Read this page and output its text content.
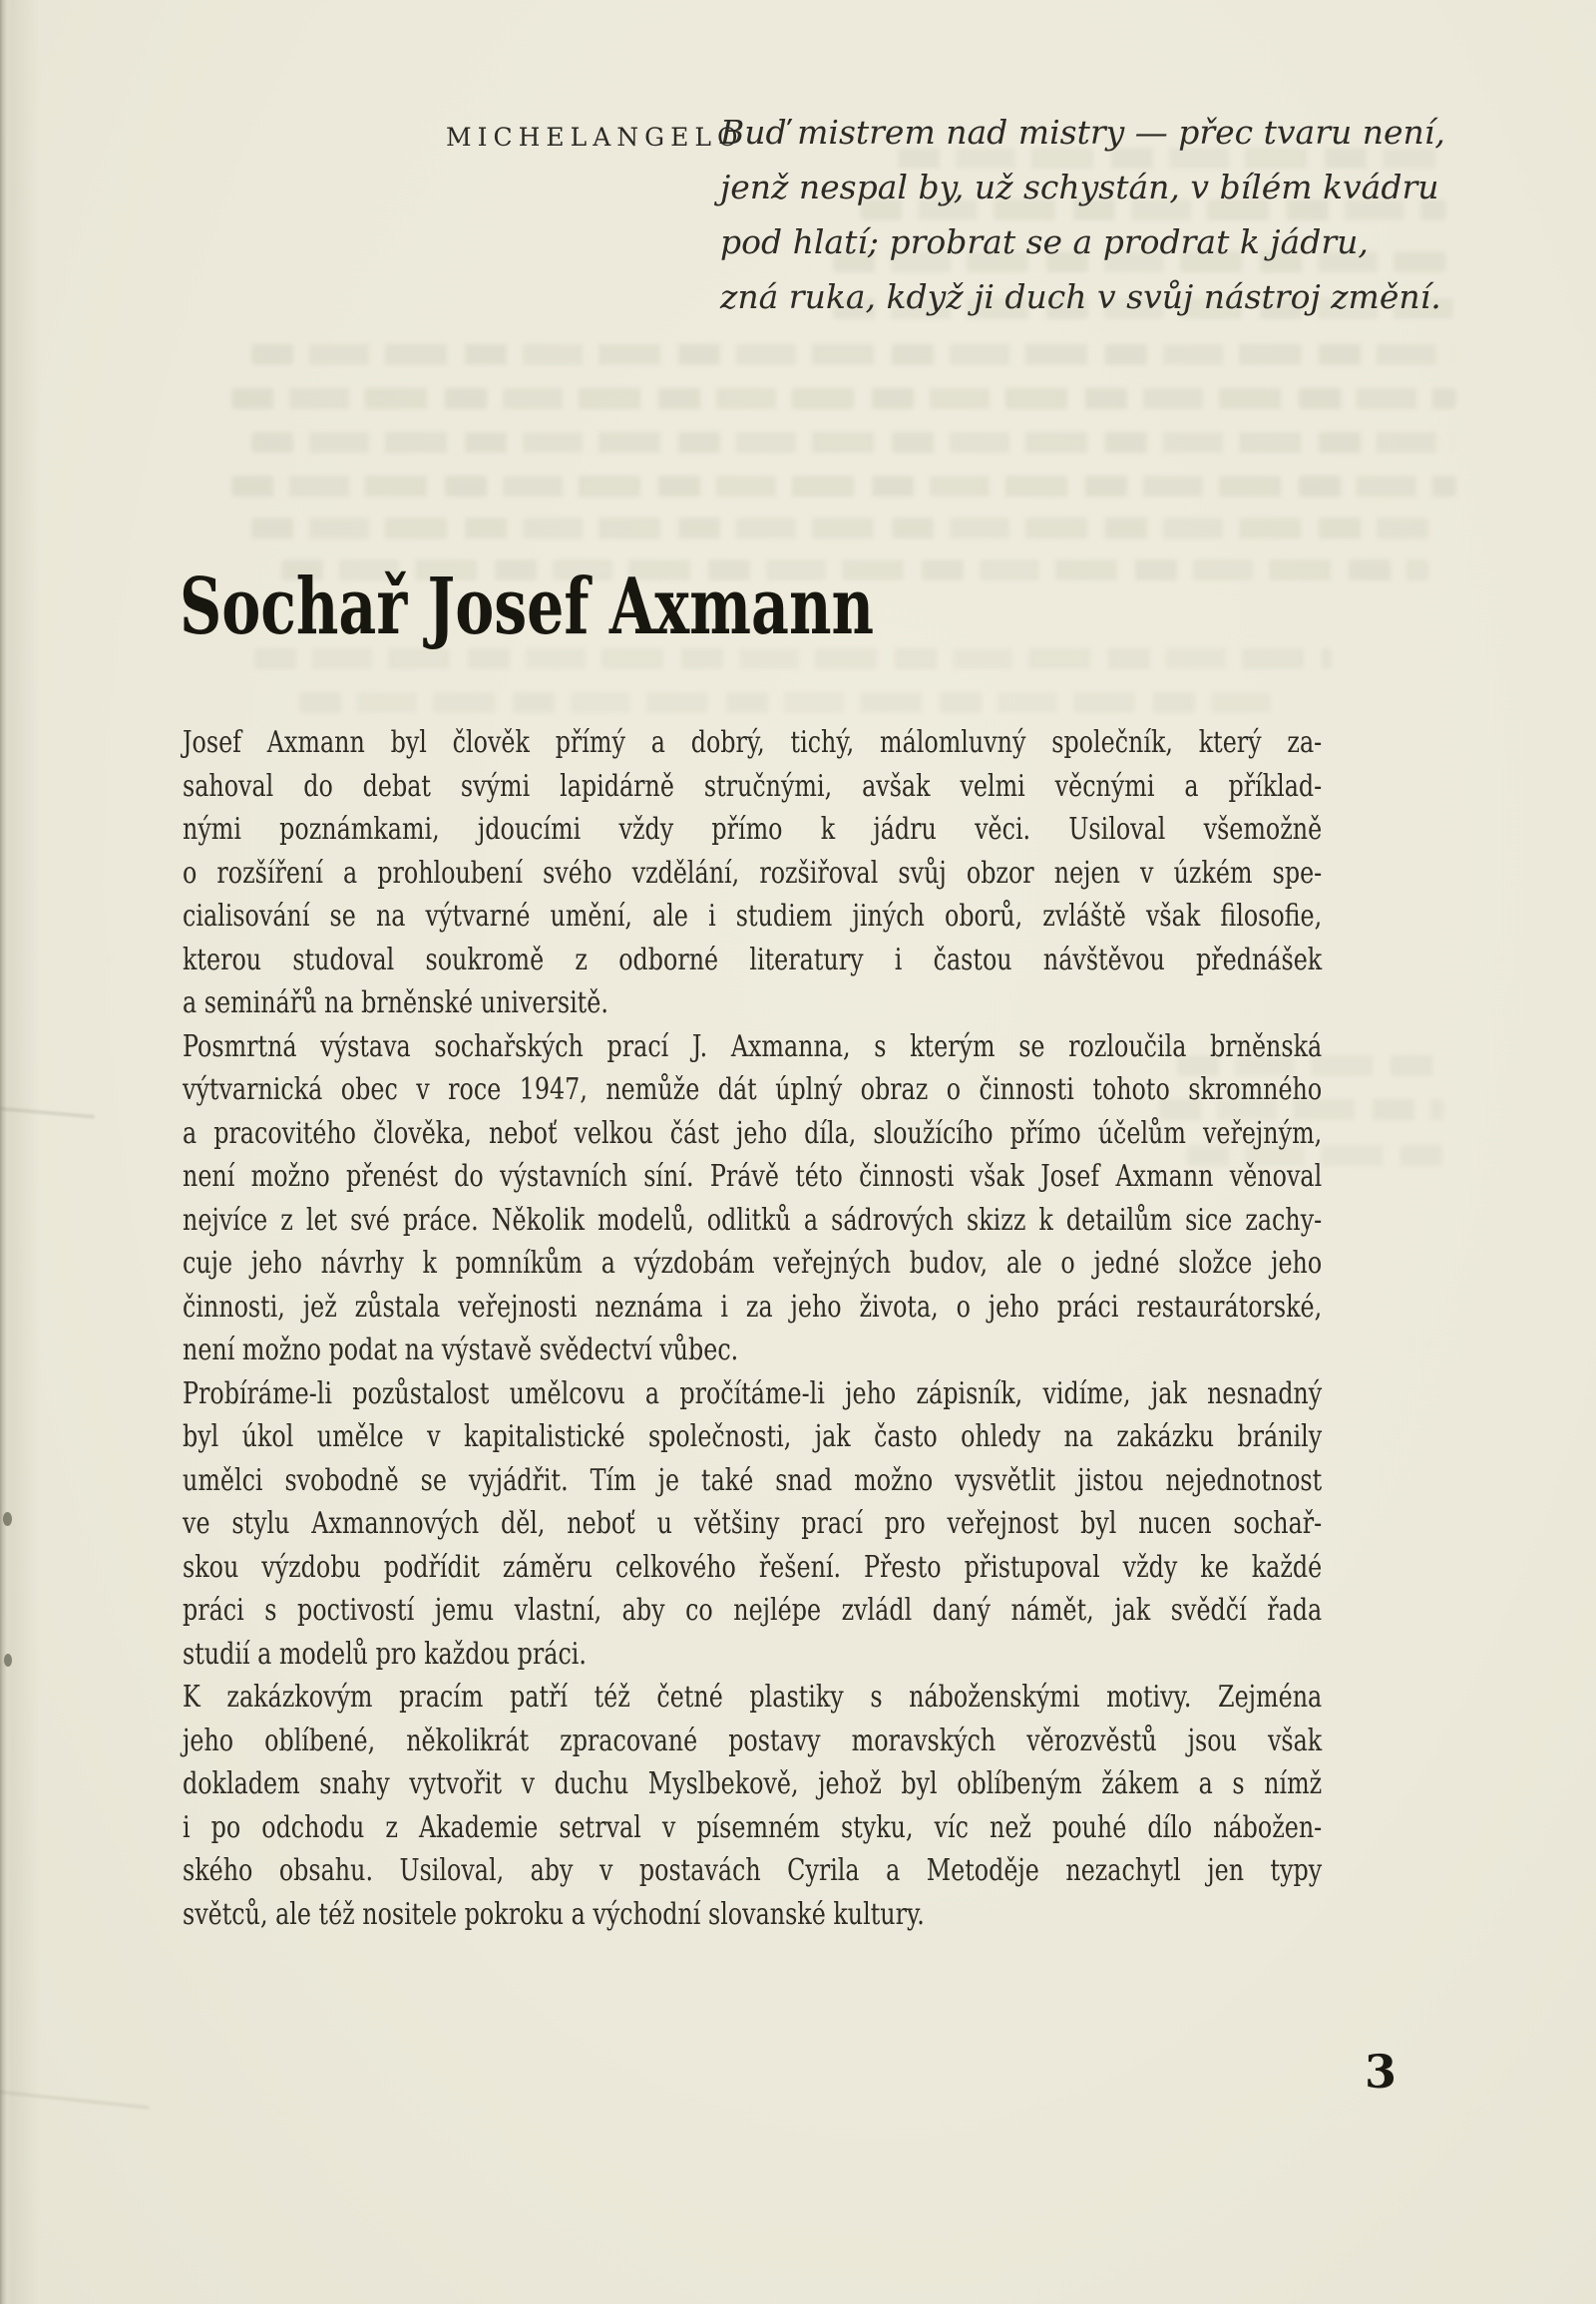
MICHELANGELO
Buď mistrem nad mistry — přec tvaru není,
jenž nespal by, už schystán, v bílém kvádru
pod hlatí; probrat se a prodrat k jádru,
zná ruka, když ji duch v svůj nástroj změní.
Sochař Josef Axmann
Josef Axmann byl člověk přímý a dobrý, tichý, málomluvný společník, který za-
sahoval do debat svými lapidárně stručnými, avšak velmi věcnými a příklad-
nými poznámkami, jdoucími vždy přímo k jádru věci. Usiloval všemožně
o rozšíření a prohloubení svého vzdělání, rozšiřoval svůj obzor nejen v úzkém spe-
cialisování se na výtvarné umění, ale i studiem jiných oborů, zvláště však filosofie,
kterou studoval soukromě z odborné literatury i častou návštěvou přednášek
a seminářů na brněnské universitě.
Posmrtná výstava sochařských prací J. Axmanna, s kterým se rozloučila brněnská
výtvarnická obec v roce 1947, nemůže dát úplný obraz o činnosti tohoto skromného
a pracovitého člověka, neboť velkou část jeho díla, sloužícího přímo účelům veřejným,
není možno přenést do výstavních síní. Právě této činnosti však Josef Axmann věnoval
nejvíce z let své práce. Několik modelů, odlitků a sádrových skizz k detailům sice zachy-
cuje jeho návrhy k pomníkům a výzdobám veřejných budov, ale o jedné složce jeho
činnosti, jež zůstala veřejnosti neznáma i za jeho života, o jeho práci restaurátorské,
není možno podat na výstavě svědectví vůbec.
Probíráme-li pozůstalost umělcovu a pročítáme-li jeho zápisník, vidíme, jak nesnadný
byl úkol umělce v kapitalistické společnosti, jak často ohledy na zakázku bránily
umělci svobodně se vyjádřit. Tím je také snad možno vysvětlit jistou nejednotnost
ve stylu Axmannových děl, neboť u většiny prací pro veřejnost byl nucen sochař-
skou výzdobu podřídit záměru celkového řešení. Přesto přistupoval vždy ke každé
práci s poctivostí jemu vlastní, aby co nejlépe zvládl daný námět, jak svědčí řada
studií a modelů pro každou práci.
K zakázkovým pracím patří též četné plastiky s náboženskými motivy. Zejména
jeho oblíbené, několikrát zpracované postavy moravských věrozvěstů jsou však
dokladem snahy vytvořit v duchu Myslbekově, jehož byl oblíbeným žákem a s nímž
i po odchodu z Akademie setrval v písemném styku, víc než pouhé dílo nábožen-
ského obsahu. Usiloval, aby v postavách Cyrila a Metoděje nezachytl jen typy
světců, ale též nositele pokroku a východní slovanské kultury.
3
